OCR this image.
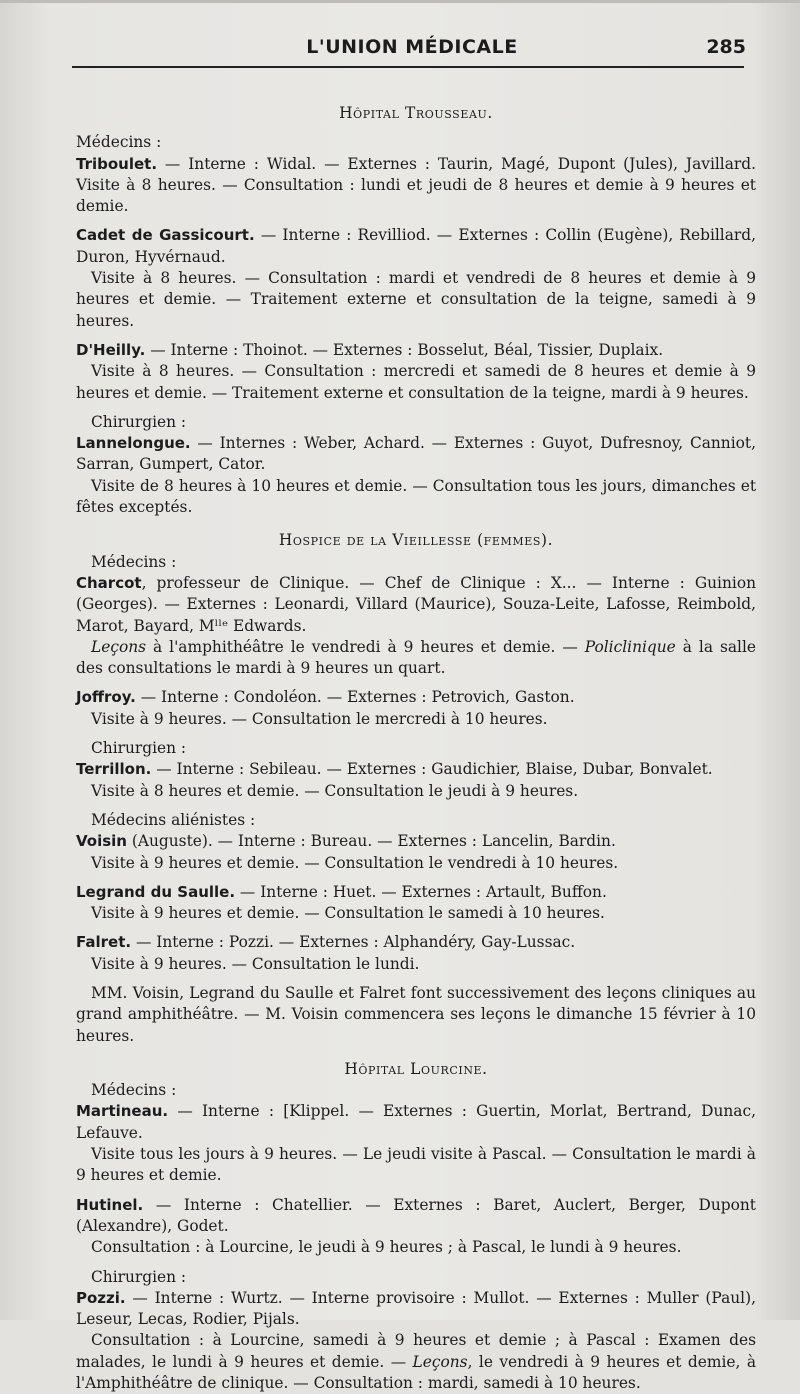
L'UNION MÉDICALE	285

Hôpital Trousseau.

Médecins :

Triboulet. — Interne : Widal. — Externes : Taurin, Magé, Dupont (Jules), Javillard. Visite à 8 heures. — Consultation : lundi et jeudi de 8 heures et demie à 9 heures et demie.

Cadet de Gassicourt. — Interne : Revilliod. — Externes : Collin (Eugène), Rebillard, Duron, Hyvérnaud.

Visite à 8 heures. — Consultation : mardi et vendredi de 8 heures et demie à 9 heures et demie. — Traitement externe et consultation de la teigne, samedi à 9 heures.

D'Heilly. — Interne : Thoinot. — Externes : Bosselut, Béal, Tissier, Duplaix.

Visite à 8 heures. — Consultation : mercredi et samedi de 8 heures et demie à 9 heures et demie. — Traitement externe et consultation de la teigne, mardi à 9 heures.

Chirurgien :

Lannelongue. — Internes : Weber, Achard. — Externes : Guyot, Dufresnoy, Canniot, Sarran, Gumpert, Cator.

Visite de 8 heures à 10 heures et demie. — Consultation tous les jours, dimanches et fêtes exceptés.

Hospice de la Vieillesse (femmes).

Médecins :

Charcot, professeur de Clinique. — Chef de Clinique : X... — Interne : Guinion (Georges). — Externes : Leonardi, Villard (Maurice), Souza-Leite, Lafosse, Reimbold, Marot, Bayard, Mˡˡᵉ Edwards.

Leçons à l'amphithéâtre le vendredi à 9 heures et demie. — Policlinique à la salle des consultations le mardi à 9 heures un quart.

Joffroy. — Interne : Condoléon. — Externes : Petrovich, Gaston.

Visite à 9 heures. — Consultation le mercredi à 10 heures.

Chirurgien :

Terrillon. — Interne : Sebileau. — Externes : Gaudichier, Blaise, Dubar, Bonvalet.

Visite à 8 heures et demie. — Consultation le jeudi à 9 heures.

Médecins aliénistes :

Voisin (Auguste). — Interne : Bureau. — Externes : Lancelin, Bardin.

Visite à 9 heures et demie. — Consultation le vendredi à 10 heures.

Legrand du Saulle. — Interne : Huet. — Externes : Artault, Buffon.

Visite à 9 heures et demie. — Consultation le samedi à 10 heures.

Falret. — Interne : Pozzi. — Externes : Alphandéry, Gay-Lussac.

Visite à 9 heures. — Consultation le lundi.

MM. Voisin, Legrand du Saulle et Falret font successivement des leçons cliniques au grand amphithéâtre. — M. Voisin commencera ses leçons le dimanche 15 février à 10 heures.

Hôpital Lourcine.

Médecins :

Martineau. — Interne : [Klippel. — Externes : Guertin, Morlat, Bertrand, Dunac, Lefauve.

Visite tous les jours à 9 heures. — Le jeudi visite à Pascal. — Consultation le mardi à 9 heures et demie.

Hutinel. — Interne : Chatellier. — Externes : Baret, Auclert, Berger, Dupont (Alexandre), Godet.

Consultation : à Lourcine, le jeudi à 9 heures ; à Pascal, le lundi à 9 heures.

Chirurgien :

Pozzi. — Interne : Wurtz. — Interne provisoire : Mullot. — Externes : Muller (Paul), Leseur, Lecas, Rodier, Pijals.

Consultation : à Lourcine, samedi à 9 heures et demie ; à Pascal : Examen des malades, le lundi à 9 heures et demie. — Leçons, le vendredi à 9 heures et demie, à l'Amphithéâtre de clinique. — Consultation : mardi, samedi à 10 heures.
